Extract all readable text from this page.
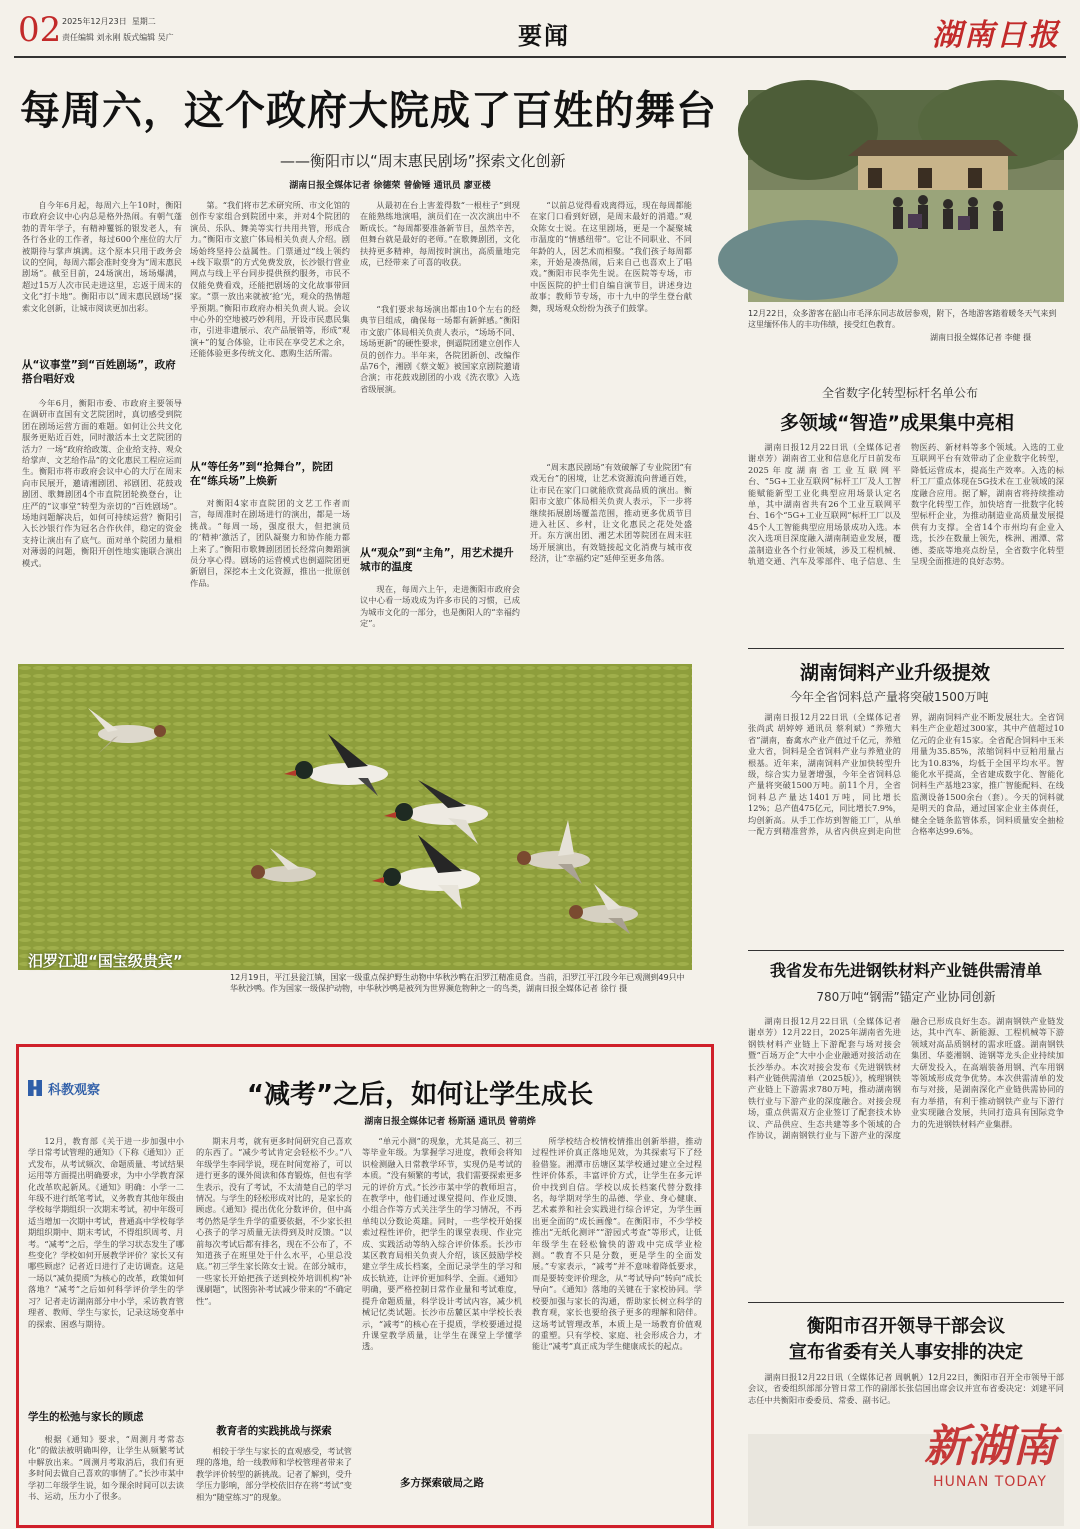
02 2025年12月23日 星期二
责任编辑 刘永刚 版式编辑 吴广	要闻	湖南日报
每周六，这个政府大院成了百姓的舞台
——衡阳市以“周末惠民剧场”探索文化创新
湖南日报全媒体记者 徐德荣 曾偷锤 通讯员 廖亚楼

自今年6月起，每周六上午10时，衡阳市政府会议中心内总是格外热闹。有朝气蓬勃的青年学子，有精神矍铄的银发老人，有各行各业的工作者，每过600个座位的大厅被期待与掌声填满。这个原本只用于政务会议的空间，每周六都会准时变身为“周末惠民剧场”。截至目前，24场演出，场场爆满，超过15万人次市民走进这里，忘返于周末的文化“打卡地”。衡阳市以“周末惠民剧场”探索文化创新，让城市阅读更加出彩。

从“议事堂”到“百姓剧场”，政府搭台唱好戏

今年6月，衡阳市委、市政府主要领导在调研市直国有文艺院团时，真切感受到院团在剧场运营方面的难题。如何让公共文化服务更贴近百姓，同时激活本土文艺院团的活力？一场“政府给政策、企业给支持、观众给掌声、文艺给作品”的文化惠民工程应运而生。衡阳市将市政府会议中心的大厅在周末向市民展开，邀请湘剧团、祁剧团、花鼓戏剧团、歌舞剧团4个市直院团轮换登台，让庄严的“议事堂”转型为亲切的“百姓剧场”。场地问题解决后，如何可持续运营？衡阳引入长沙银行作为冠名合作伙伴，稳定的资金支持让演出有了底气。面对单个院团力量相对薄弱的问题，衡阳开创性地实施联合演出模式。

第。“我们将市艺术研究所、市文化馆的创作专家组合到院团中来，并对4个院团的演员、乐队、舞美等实行共用共管，形成合力。”衡阳市文旅广体局相关负责人介绍。剧场始终坚持公益属性。门票通过“线上领约+线下取票”的方式免费发放，长沙银行营业网点与线上平台同步提供预约服务，市民不仅能免费看戏，还能把剧场的文化故事带回家。“票一放出来就被‘抢’光，观众的热情超乎预期。”衡阳市政府办相关负责人说。会议中心外的空地被巧妙利用，开设市民惠民集市，引进非遗展示、农产品展销等，形成“观演+”的复合体验，让市民在享受艺术之余，还能体验更多传统文化、惠购生活所需。

从“等任务”到“抢舞台”，院团在“练兵场”上焕新

对衡阳4家市直院团的文艺工作者而言，每周准时在剧场进行的演出，都是一场挑战。“每周一场，强度很大，但把演员的‘精神’激活了，团队凝聚力和协作能力都上来了。”衡阳市歌舞剧团团长经常向舞蹈演员分享心得。剧场的运营模式也倒逼院团更新剧目，深挖本土文化资源，推出一批原创作品。

从最初在台上害羞得数“一根柱子”到现在能熟练地演唱，演员们在一次次演出中不断成长。“每周都要准备新节目，虽然辛苦，但舞台就是最好的老师。”在歌舞剧团，文化扶持更多精神，每周按时演出，高质量地完成，已经带来了可喜的收获。

“我们要求每场演出都由10个左右的经典节目组成，确保每一场都有新鲜感。”衡阳市文旅广体局相关负责人表示，“场场不同、场场更新”的硬性要求，倒逼院团建立创作人员的创作力。半年来，各院团新创、改编作品76个，湘剧《蔡文姬》被国家京剧院邀请合演；市花鼓戏剧团的小戏《洗衣歌》入选省级展演。

从“观众”到“主角”，用艺术提升城市的温度

现在，每周六上午，走进衡阳市政府会议中心看一场戏成为许多市民的习惯，已成为城市文化的一部分，也是衡阳人的“幸福约定”。

“以前总觉得看戏离得远，现在每周都能在家门口看到好剧，是周末最好的消遣。”观众陈女士说。在这里剧场，更是一个凝聚城市温度的“情感纽带”。它让不同职业、不同年龄的人，因艺术而相聚。“我们孩子每周都来，开始是凑热闹，后来自己也喜欢上了唱戏。”衡阳市民李先生说。在医院等专场，市中医医院的护士们自编自演节目，讲述身边故事；教师节专场，市十九中的学生登台献舞，现场观众纷纷为孩子们鼓掌。

“周末惠民剧场”有效破解了专业院团“有戏无台”的困境，让艺术资源流向普通百姓，让市民在家门口就能欣赏高品质的演出。衡阳市文旅广体局相关负责人表示，下一步将继续拓展剧场覆盖范围，推动更多优质节目进入社区、乡村，让文化惠民之花处处盛开。东方演出团、湘艺术团等院团在周末驻场开展演出，有效链接起文化消费与城市夜经济，让“幸福约定”延伸至更多角落。

12月22日，众多游客在韶山市毛泽东同志故居参观，附下，各地游客踏着暖冬天气来到这里缅怀伟人的丰功伟绩，接受红色教育。
湖南日报全媒体记者 李健 摄
全省数字化转型标杆名单公布
多领域“智造”成果集中亮相

湖南日报12月22日讯（全媒体记者 谢卓芳）湖南省工业和信息化厅日前发布2025年度湖南省工业互联网平台、“5G+工业互联网”标杆工厂及人工智能赋能新型工业化典型应用场景认定名单，其中湖南省共有26个工业互联网平台、16个“5G+工业互联网”标杆工厂以及45个人工智能典型应用场景成功入选。本次入选项目深度融入湖南制造业发展，覆盖制造业各个行业领域，涉及工程机械、轨道交通、汽车及零部件、电子信息、生物医药、新材料等多个领域。入选的工业互联网平台有效带动了企业数字化转型，降低运营成本，提高生产效率。入选的标杆工厂重点体现在5G技术在工业领域的深度融合应用。据了解，湖南省将持续推动数字化转型工作，加快培育一批数字化转型标杆企业，为推动制造业高质量发展提供有力支撑。全省14个市州均有企业入选，长沙在数量上领先，株洲、湘潭、常德、娄底等地亮点纷呈，全省数字化转型呈现全面推进的良好态势。

湖南饲料产业升级提效
今年全省饲料总产量将突破1500万吨

湖南日报12月22日讯（全媒体记者 张尚武 胡婷婷 通讯员 蔡利斌）“养殖大省”湖南，畜禽水产业产值过千亿元，养殖业大省，饲料是全省饲料产业与养殖业的根基。近年来，湖南饲料产业加快转型升级，综合实力显著增强，今年全省饲料总产量将突破1500万吨。前11个月，全省饲料总产量达1401万吨，同比增长12%；总产值475亿元，同比增长7.9%，均创新高。从手工作坊到智能工厂，从单一配方到精准营养，从省内供应到走向世界，湖南饲料产业不断发展壮大。全省饲料生产企业超过300家，其中产值超过10亿元的企业有15家。全省配合饲料中玉米用量为35.85%，浓缩饲料中豆粕用量占比为10.83%，均低于全国平均水平。智能化水平提高，全省建成数字化、智能化饲料生产基地23家，推广智能配料、在线监测设备1500余台（套）。今天的饲料就是明天的食品，通过国家企业主体责任，健全全链条监管体系，饲料质量安全抽检合格率达99.6%。

我省发布先进钢铁材料产业链供需清单
780万吨“钢需”锚定产业协同创新

湖南日报12月22日讯（全媒体记者 谢卓芳）12月22日，2025年湖南省先进钢铁材料产业链上下游配套与场对接会暨“百场万企”大中小企业融通对接活动在长沙举办。本次对接会发布《先进钢铁材料产业链供需清单（2025版）》，梳理钢铁产业链上下游需求780万吨，推动湖南钢铁行业与下游产业的深度融合。对接会现场，重点供需双方企业签订了配套技术协议、产品供应、生态共建等多个领域的合作协议，湖南钢铁行业与下游产业的深度融合已形成良好生态。湖南钢铁产业链发达，其中汽车、新能源、工程机械等下游领域对高品质钢材的需求旺盛。湖南钢铁集团、华菱湘钢、涟钢等龙头企业持续加大研发投入，在高端装备用钢、汽车用钢等领域形成竞争优势。本次供需清单的发布与对接，是湖南深化产业链供需协同的有力举措，有利于推动钢铁产业与下游行业实现融合发展，共同打造具有国际竞争力的先进钢铁材料产业集群。

衡阳市召开领导干部会议
宣布省委有关人事安排的决定

湖南日报12月22日讯（全媒体记者 周帆帆）12月22日，衡阳市召开全市领导干部会议，省委组织部部分管日常工作的副部长张信国出席会议并宣布省委决定：刘建平同志任中共衡阳市委委员、常委、副书记。

汨罗江迎“国宝级贵宾”
12月19日，平江县瓮江镇，国家一级重点保护野生动物中华秋沙鸭在汨罗江精准觅食。当前，汨罗江平江段今年已观测到49只中华秋沙鸭。作为国家一级保护动物，中华秋沙鸭是被列为世界濒危物种之一的鸟类，湖南日报全媒体记者 徐行 摄
科教观察	“减考”之后，如何让学生成长
湖南日报全媒体记者 杨斯涵 通讯员 曾萌烨

12月，教育部《关于进一步加强中小学日常考试管理的通知》（下称《通知》）正式发布，从考试频次、命题质量、考试结果运用等方面提出明确要求，为中小学教育深化改革吹起新风。《通知》明确：小学一二年级不进行纸笔考试，义务教育其他年级由学校每学期组织一次期末考试，初中年级可适当增加一次期中考试，普通高中学校每学期组织期中、期末考试，不得组织周考、月考。“减考”之后，学生的学习状态发生了哪些变化？学校如何开展教学评价？家长又有哪些顾虑？记者近日进行了走访调查。这是一场以“减负提质”为核心的改革，政策如何落地？“减考”之后如何科学评价学生的学习？记者走访湖南部分中小学，采访教育管理者、教师、学生与家长，记录这场变革中的探索、困惑与期待。

学生的松弛与家长的顾虑

根据《通知》要求，“周测月考常态化”的做法被明确叫停，让学生从频繁考试中解放出来。“周测月考取消后，我们有更多时间去做自己喜欢的事情了。”长沙市某中学初二年级学生说，如今课余时间可以去读书、运动，压力小了很多。

期末月考，就有更多时间研究自己喜欢的东西了。“减少考试肯定会轻松不少。”八年级学生李同学说，现在时间宽裕了，可以进行更多的课外阅读和体育锻炼，但也有学生表示，没有了考试，不太清楚自己的学习情况。与学生的轻松形成对比的，是家长的顾虑。《通知》提出优化分数评价，但中高考仍然是学生升学的重要依据，不少家长担心孩子的学习质量无法得到及时反馈。“以前每次考试后都有排名，现在不公布了，不知道孩子在班里处于什么水平，心里总没底。”初三学生家长陈女士说。在部分城市，一些家长开始把孩子送到校外培训机构“补课刷题”，试图弥补考试减少带来的“不确定性”。

教育者的实践挑战与探索

相较于学生与家长的直观感受，考试管理的落地，给一线教师和学校管理者带来了教学评价转型的新挑战。记者了解到，受升学压力影响，部分学校依旧存在将“考试”变相为“随堂练习”的现象。

“单元小测”的现象，尤其是高三、初三等毕业年级。为掌握学习进度，教师会将知识检测融入日常教学环节，实现仍是考试的本质。“没有频繁的考试，我们需要探索更多元的评价方式。”长沙市某中学的教师坦言，在教学中，他们通过课堂提问、作业反馈、小组合作等方式关注学生的学习情况，不再单纯以分数论英雄。同时，一些学校开始探索过程性评价，把学生的课堂表现、作业完成、实践活动等纳入综合评价体系。长沙市某区教育局相关负责人介绍，该区鼓励学校建立学生成长档案，全面记录学生的学习和成长轨迹，让评价更加科学、全面。《通知》明确，要严格控制日常作业量和考试难度，提升命题质量，科学设计考试内容，减少机械记忆类试题。长沙市岳麓区某中学校长表示，“减考”的核心在于提质，学校要通过提升课堂教学质量，让学生在课堂上学懂学透。

多方探索破局之路

所学校结合校情校情推出创新举措，推动过程性评价真正落地见效，为其探索写下了经验借鉴。湘潭市岳塘区某学校通过建立全过程性评价体系，丰富评价方式，让学生在多元评价中找到自信。学校以成长档案代替分数排名，每学期对学生的品德、学业、身心健康、艺术素养和社会实践进行综合评定，为学生画出更全面的“成长画像”。在衡阳市，不少学校推出“无纸化测评”“游园式考查”等形式，让低年级学生在轻松愉快的游戏中完成学业检测。“教育不只是分数，更是学生的全面发展。”专家表示，“减考”并不意味着降低要求，而是要转变评价理念，从“考试导向”转向“成长导向”。《通知》落地的关键在于家校协同。学校要加强与家长的沟通，帮助家长树立科学的教育观，家长也要给孩子更多的理解和陪伴。这场考试管理改革，本质上是一场教育价值观的重塑。只有学校、家庭、社会形成合力，才能让“减考”真正成为学生健康成长的起点。

新湖南
HUNAN TODAY
